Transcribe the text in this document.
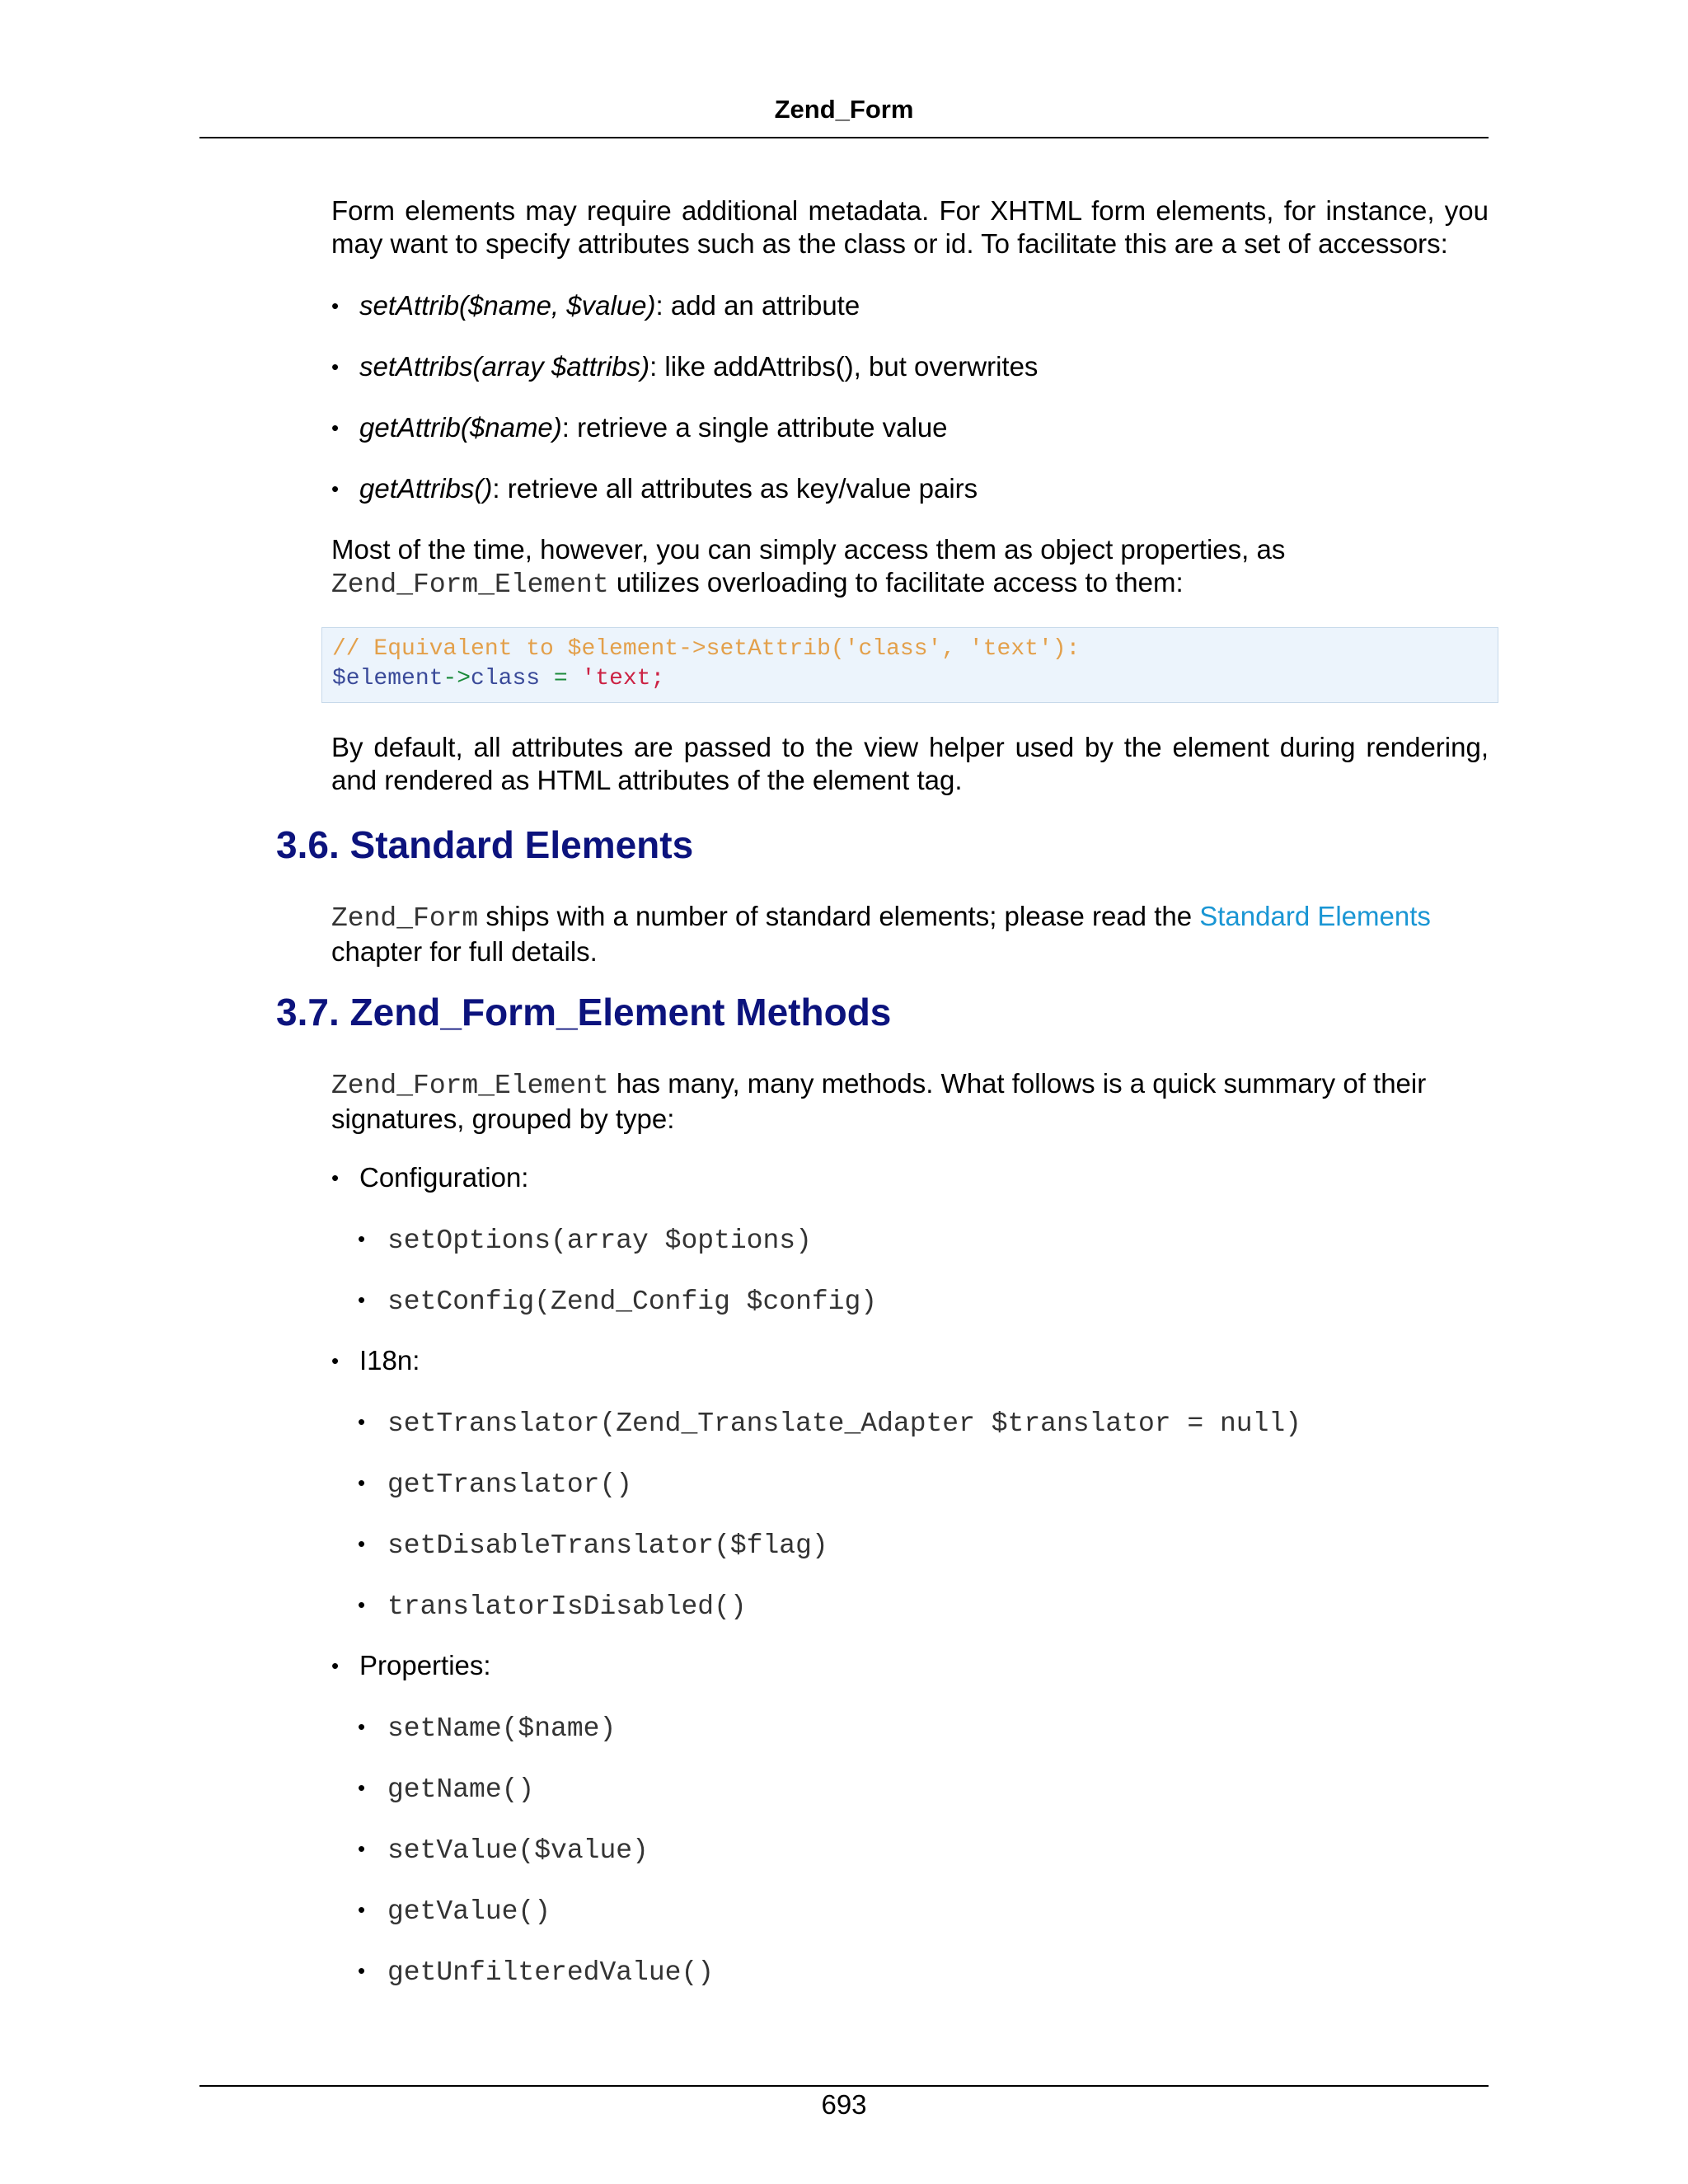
Zend_Form
Form elements may require additional metadata. For XHTML form elements, for instance, you may want to specify attributes such as the class or id. To facilitate this are a set of accessors:
• setAttrib($name, $value): add an attribute
• setAttribs(array $attribs): like addAttribs(), but overwrites
• getAttrib($name): retrieve a single attribute value
• getAttribs(): retrieve all attributes as key/value pairs
Most of the time, however, you can simply access them as object properties, as
Zend_Form_Element utilizes overloading to facilitate access to them:
// Equivalent to $element->setAttrib('class', 'text'):
$element->class = 'text;
By default, all attributes are passed to the view helper used by the element during rendering, and rendered as HTML attributes of the element tag.
3.6. Standard Elements
Zend_Form ships with a number of standard elements; please read the Standard Elements
chapter for full details.
3.7. Zend_Form_Element Methods
Zend_Form_Element has many, many methods. What follows is a quick summary of their
signatures, grouped by type:
• Configuration:
• setOptions(array $options)
• setConfig(Zend_Config $config)
• I18n:
• setTranslator(Zend_Translate_Adapter $translator = null)
• getTranslator()
• setDisableTranslator($flag)
• translatorIsDisabled()
• Properties:
• setName($name)
• getName()
• setValue($value)
• getValue()
• getUnfilteredValue()
693
